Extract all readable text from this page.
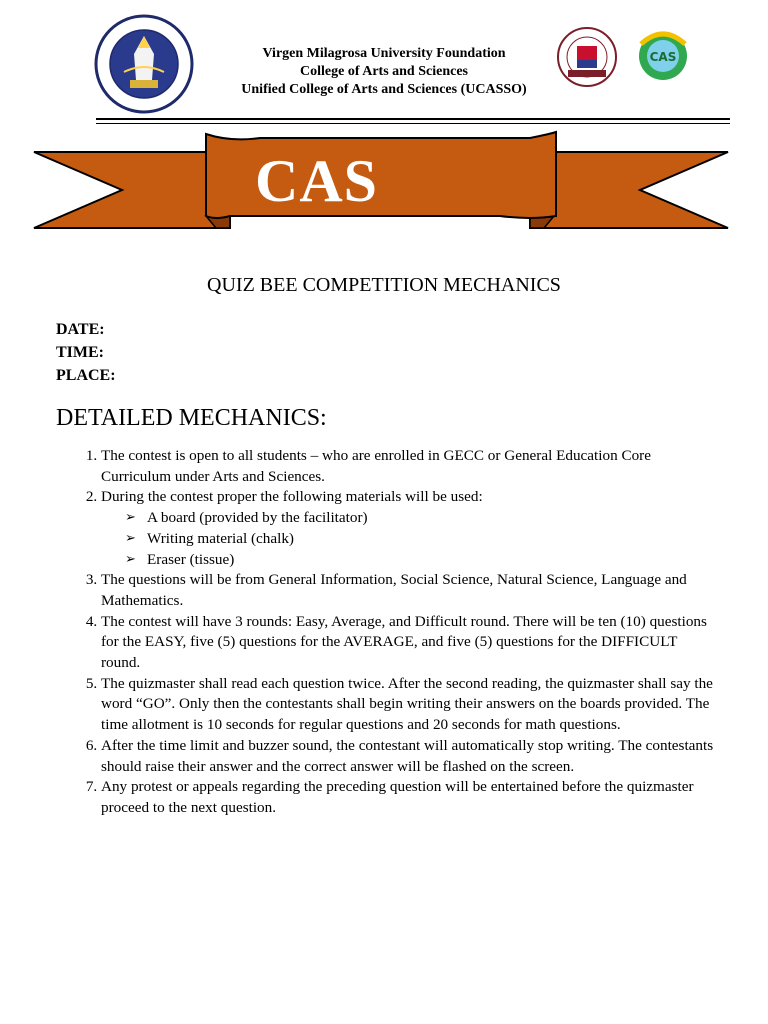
Virgen Milagrosa University Foundation
College of Arts and Sciences
Unified College of Arts and Sciences (UCASSO)
CAS
CAS
QUIZ BEE COMPETITION MECHANICS
DATE:
TIME:
PLACE:
DETAILED MECHANICS:
1. The contest is open to all students – who are enrolled in GECC or General Education Core Curriculum under Arts and Sciences.
2. During the contest proper the following materials will be used:
➢ A board (provided by the facilitator)
➢ Writing material (chalk)
➢ Eraser (tissue)
3. The questions will be from General Information, Social Science, Natural Science, Language and Mathematics.
4. The contest will have 3 rounds: Easy, Average, and Difficult round. There will be ten (10) questions for the EASY, five (5) questions for the AVERAGE, and five (5) questions for the DIFFICULT round.
5. The quizmaster shall read each question twice. After the second reading, the quizmaster shall say the word “GO”. Only then the contestants shall begin writing their answers on the boards provided. The time allotment is 10 seconds for regular questions and 20 seconds for math questions.
6. After the time limit and buzzer sound, the contestant will automatically stop writing. The contestants should raise their answer and the correct answer will be flashed on the screen.
7. Any protest or appeals regarding the preceding question will be entertained before the quizmaster proceed to the next question.
